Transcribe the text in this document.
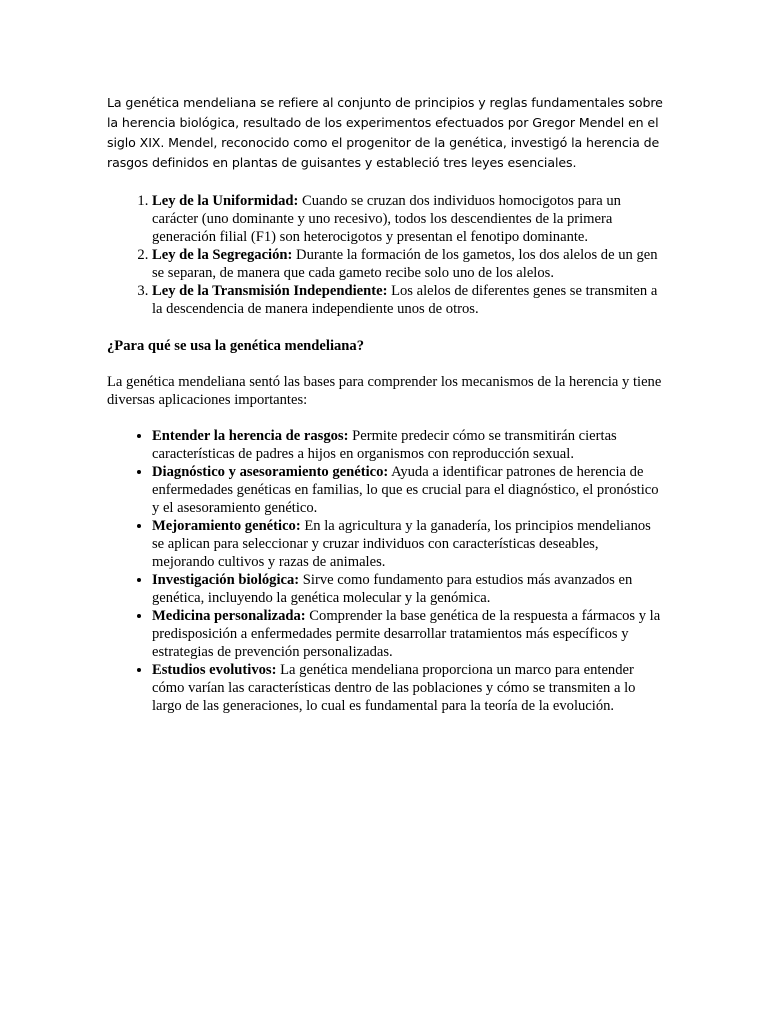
La genética mendeliana se refiere al conjunto de principios y reglas fundamentales sobre la herencia biológica, resultado de los experimentos efectuados por Gregor Mendel en el siglo XIX. Mendel, reconocido como el progenitor de la genética, investigó la herencia de rasgos definidos en plantas de guisantes y estableció tres leyes esenciales.

1. Ley de la Uniformidad: Cuando se cruzan dos individuos homocigotos para un carácter (uno dominante y uno recesivo), todos los descendientes de la primera generación filial (F1) son heterocigotos y presentan el fenotipo dominante.
2. Ley de la Segregación: Durante la formación de los gametos, los dos alelos de un gen se separan, de manera que cada gameto recibe solo uno de los alelos.
3. Ley de la Transmisión Independiente: Los alelos de diferentes genes se transmiten a la descendencia de manera independiente unos de otros.

¿Para qué se usa la genética mendeliana?

La genética mendeliana sentó las bases para comprender los mecanismos de la herencia y tiene diversas aplicaciones importantes:

• Entender la herencia de rasgos: Permite predecir cómo se transmitirán ciertas características de padres a hijos en organismos con reproducción sexual.
• Diagnóstico y asesoramiento genético: Ayuda a identificar patrones de herencia de enfermedades genéticas en familias, lo que es crucial para el diagnóstico, el pronóstico y el asesoramiento genético.
• Mejoramiento genético: En la agricultura y la ganadería, los principios mendelianos se aplican para seleccionar y cruzar individuos con características deseables, mejorando cultivos y razas de animales.
• Investigación biológica: Sirve como fundamento para estudios más avanzados en genética, incluyendo la genética molecular y la genómica.
• Medicina personalizada: Comprender la base genética de la respuesta a fármacos y la predisposición a enfermedades permite desarrollar tratamientos más específicos y estrategias de prevención personalizadas.
• Estudios evolutivos: La genética mendeliana proporciona un marco para entender cómo varían las características dentro de las poblaciones y cómo se transmiten a lo largo de las generaciones, lo cual es fundamental para la teoría de la evolución.
